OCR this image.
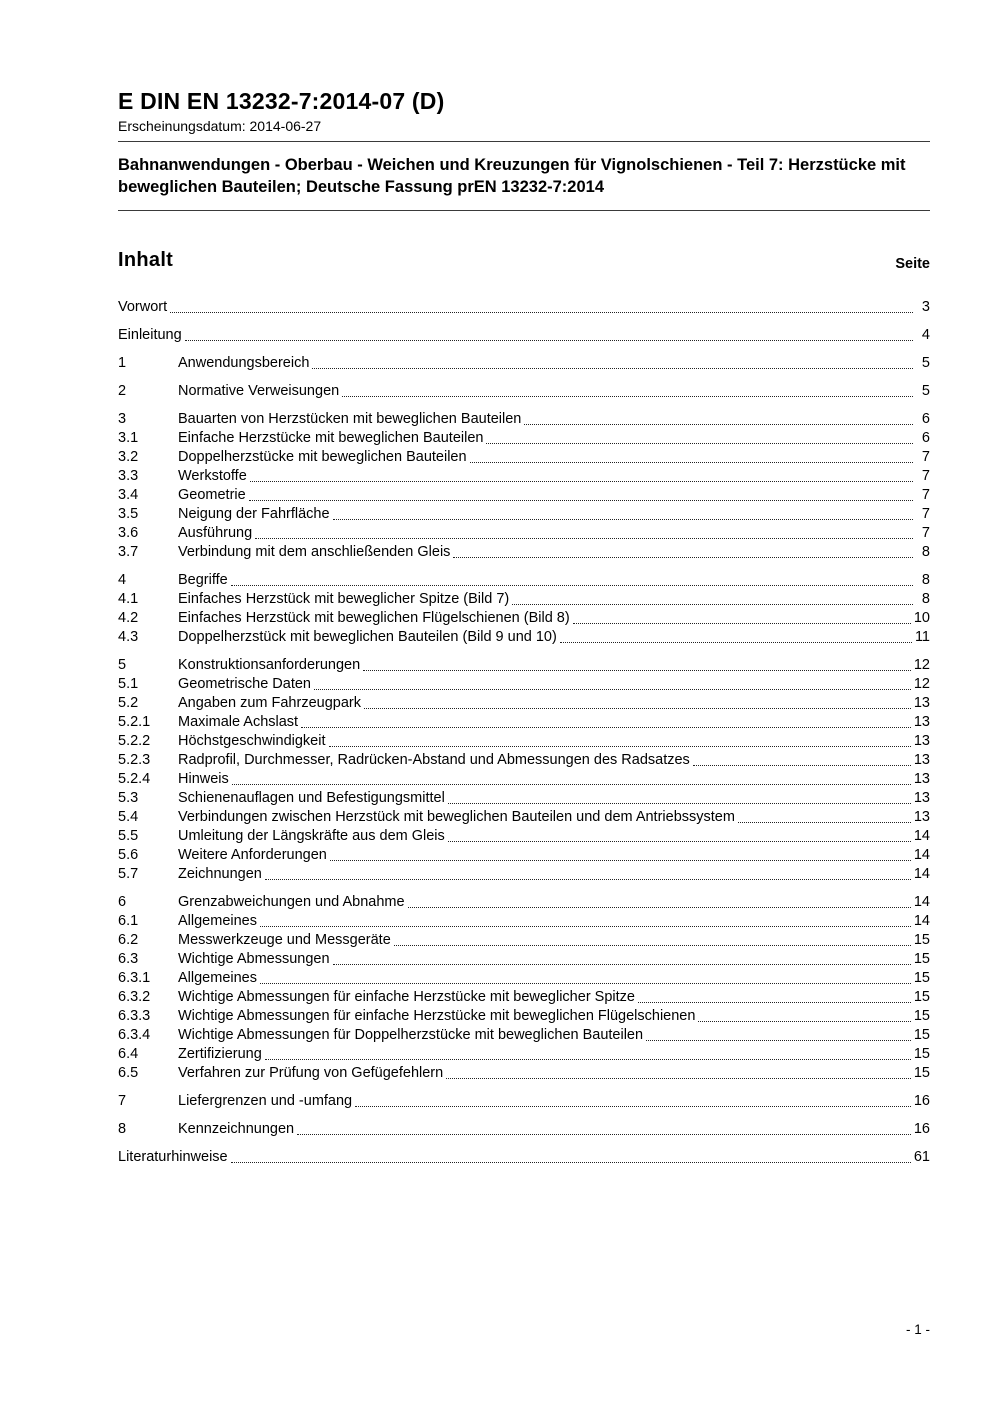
E DIN EN 13232-7:2014-07 (D)
Erscheinungsdatum: 2014-06-27
Bahnanwendungen - Oberbau - Weichen und Kreuzungen für Vignolschienen - Teil 7: Herzstücke mit beweglichen Bauteilen; Deutsche Fassung prEN 13232-7:2014
Inhalt	Seite
Vorwort	3
Einleitung	4
1	Anwendungsbereich	5
2	Normative Verweisungen	5
3	Bauarten von Herzstücken mit beweglichen Bauteilen	6
3.1	Einfache Herzstücke mit beweglichen Bauteilen	6
3.2	Doppelherzstücke mit beweglichen Bauteilen	7
3.3	Werkstoffe	7
3.4	Geometrie	7
3.5	Neigung der Fahrfläche	7
3.6	Ausführung	7
3.7	Verbindung mit dem anschließenden Gleis	8
4	Begriffe	8
4.1	Einfaches Herzstück mit beweglicher Spitze (Bild 7)	8
4.2	Einfaches Herzstück mit beweglichen Flügelschienen (Bild 8)	10
4.3	Doppelherzstück mit beweglichen Bauteilen (Bild 9 und 10)	11
5	Konstruktionsanforderungen	12
5.1	Geometrische Daten	12
5.2	Angaben zum Fahrzeugpark	13
5.2.1	Maximale Achslast	13
5.2.2	Höchstgeschwindigkeit	13
5.2.3	Radprofil, Durchmesser, Radrücken-Abstand und Abmessungen des Radsatzes	13
5.2.4	Hinweis	13
5.3	Schienenauflagen und Befestigungsmittel	13
5.4	Verbindungen zwischen Herzstück mit beweglichen Bauteilen und dem Antriebssystem	13
5.5	Umleitung der Längskräfte aus dem Gleis	14
5.6	Weitere Anforderungen	14
5.7	Zeichnungen	14
6	Grenzabweichungen und Abnahme	14
6.1	Allgemeines	14
6.2	Messwerkzeuge und Messgeräte	15
6.3	Wichtige Abmessungen	15
6.3.1	Allgemeines	15
6.3.2	Wichtige Abmessungen für einfache Herzstücke mit beweglicher Spitze	15
6.3.3	Wichtige Abmessungen für einfache Herzstücke mit beweglichen Flügelschienen	15
6.3.4	Wichtige Abmessungen für Doppelherzstücke mit beweglichen Bauteilen	15
6.4	Zertifizierung	15
6.5	Verfahren zur Prüfung von Gefügefehlern	15
7	Liefergrenzen und -umfang	16
8	Kennzeichnungen	16
Literaturhinweise	61
- 1 -
